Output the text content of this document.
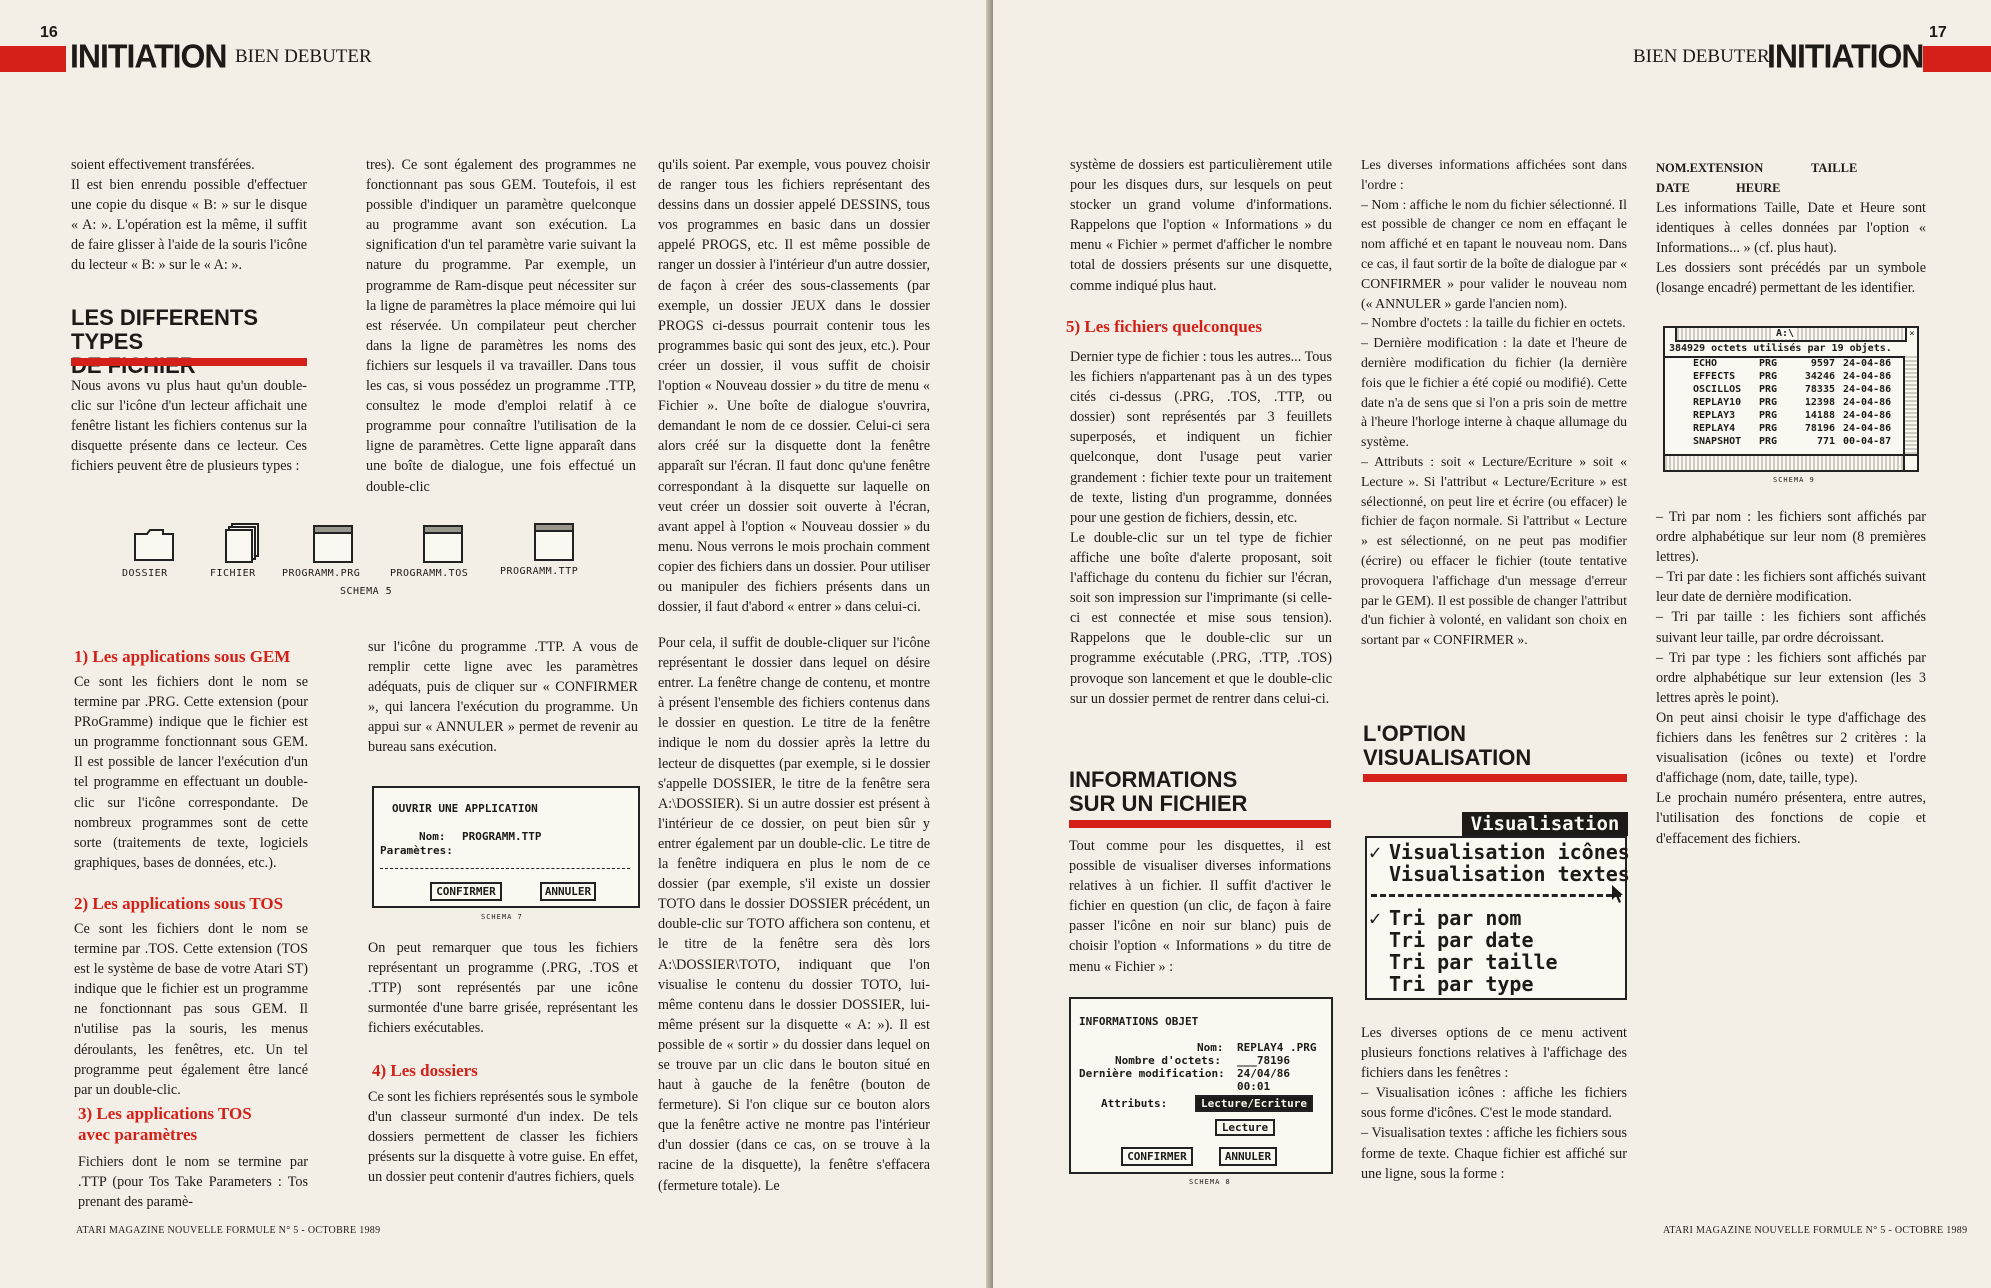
16
INITIATION BIEN DEBUTER
soient effectivement transférées.
Il est bien enrendu possible d'effectuer une copie du disque « B: » sur le disque « A: ». L'opération est la même, il suffit de faire glisser à l'aide de la souris l'icône du lecteur « B: » sur le « A: ».
LES DIFFERENTS TYPES

Nous avons vu plus haut qu'un double-clic sur l'icône d'un lecteur affichait une fenêtre listant les fichiers contenus sur la disquette présente dans ce lecteur. Ces fichiers peuvent être de plusieurs types :
tres). Ce sont également des programmes ne fonctionnant pas sous GEM. Toutefois, il est possible d'indiquer un paramètre quelconque au programme avant son exécution. La signification d'un tel paramètre varie suivant la nature du programme. Par exemple, un programme de Ram-disque peut nécessiter sur la ligne de paramètres la place mémoire qui lui est réservée. Un compilateur peut chercher dans la ligne de paramètres les noms des fichiers sur lesquels il va travailler. Dans tous les cas, si vous possédez un programme .TTP, consultez le mode d'emploi relatif à ce programme pour connaître l'utilisation de la ligne de paramètres. Cette ligne apparaît dans une boîte de dialogue, une fois effectué un double-clic
qu'ils soient. Par exemple, vous pouvez choisir de ranger tous les fichiers représentant des dessins dans un dossier appelé DESSINS, tous vos programmes en basic dans un dossier appelé PROGS, etc. Il est même possible de ranger un dossier à l'intérieur d'un autre dossier, de façon à créer des sous-classements (par exemple, un dossier JEUX dans le dossier PROGS ci-dessus pourrait contenir tous les programmes basic qui sont des jeux, etc.). Pour créer un dossier, il vous suffit de choisir l'option « Nouveau dossier » du titre de menu « Fichier ». Une boîte de dialogue s'ouvrira, demandant le nom de ce dossier. Celui-ci sera alors créé sur la disquette dont la fenêtre apparaît sur l'écran. Il faut donc qu'une fenêtre correspondant à la disquette sur laquelle on veut créer un dossier soit ouverte à l'écran, avant appel à l'option « Nouveau dossier » du menu. Nous verrons le mois prochain comment copier des fichiers dans un dossier. Pour utiliser ou manipuler des fichiers présents dans un dossier, il faut d'abord « entrer » dans celui-ci.
DOSSIER	FICHIER	PROGRAMM.PRG	PROGRAMM.TOS	PROGRAMM.TTP
SCHEMA 5
1) Les applications sous GEM
Ce sont les fichiers dont le nom se termine par .PRG. Cette extension (pour PRoGramme) indique que le fichier est un programme fonctionnant sous GEM. Il est possible de lancer l'exécution d'un tel programme en effectuant un double-clic sur l'icône correspondante. De nombreux programmes sont de cette sorte (traitements de texte, logiciels graphiques, bases de données, etc.).
2) Les applications sous TOS
Ce sont les fichiers dont le nom se termine par .TOS. Cette extension (TOS est le système de base de votre Atari ST) indique que le fichier est un programme ne fonctionnant pas sous GEM. Il n'utilise pas la souris, les menus déroulants, les fenêtres, etc. Un tel programme peut également être lancé par un double-clic.
3) Les applications TOS
avec paramètres
Fichiers dont le nom se termine par .TTP (pour Tos Take Parameters : Tos prenant des paramè-
sur l'icône du programme .TTP. A vous de remplir cette ligne avec les paramètres adéquats, puis de cliquer sur « CONFIRMER », qui lancera l'exécution du programme. Un appui sur « ANNULER » permet de revenir au bureau sans exécution.
OUVRIR UNE APPLICATION
Nom: PROGRAMM.TTP
Paramètres:
CONFIRMER	ANNULER
SCHEMA 7
On peut remarquer que tous les fichiers représentant un programme (.PRG, .TOS et .TTP) sont représentés par une icône surmontée d'une barre grisée, représentant les fichiers exécutables.
4) Les dossiers
Ce sont les fichiers représentés sous le symbole d'un classeur surmonté d'un index. De tels dossiers permettent de classer les fichiers présents sur la disquette à votre guise. En effet, un dossier peut contenir d'autres fichiers, quels
Pour cela, il suffit de double-cliquer sur l'icône représentant le dossier dans lequel on désire entrer. La fenêtre change de contenu, et montre à présent l'ensemble des fichiers contenus dans le dossier en question. Le titre de la fenêtre indique le nom du dossier après la lettre du lecteur de disquettes (par exemple, si le dossier s'appelle DOSSIER, le titre de la fenêtre sera A:\DOSSIER). Si un autre dossier est présent à l'intérieur de ce dossier, on peut bien sûr y entrer également par un double-clic. Le titre de la fenêtre indiquera en plus le nom de ce dossier (par exemple, s'il existe un dossier TOTO dans le dossier DOSSIER précédent, un double-clic sur TOTO affichera son contenu, et le titre de la fenêtre sera dès lors A:\DOSSIER\TOTO, indiquant que l'on visualise le contenu du dossier TOTO, lui-même contenu dans le dossier DOSSIER, lui-même présent sur la disquette « A: »). Il est possible de « sortir » du dossier dans lequel on se trouve par un clic dans le bouton situé en haut à gauche de la fenêtre (bouton de fermeture). Si l'on clique sur ce bouton alors que la fenêtre active ne montre pas l'intérieur d'un dossier (dans ce cas, on se trouve à la racine de la disquette), la fenêtre s'effacera (fermeture totale). Le
ATARI MAGAZINE NOUVELLE FORMULE N° 5 - OCTOBRE 1989
17
BIEN DEBUTER
INITIATION
système de dossiers est particulièrement utile pour les disques durs, sur lesquels on peut stocker un grand volume d'informations. Rappelons que l'option « Informations » du menu « Fichier » permet d'afficher le nombre total de dossiers présents sur une disquette, comme indiqué plus haut.
5) Les fichiers quelconques
Dernier type de fichier : tous les autres... Tous les fichiers n'appartenant pas à un des types cités ci-dessus (.PRG, .TOS, .TTP, ou dossier) sont représentés par 3 feuillets superposés, et indiquent un fichier quelconque, dont l'usage peut varier grandement : fichier texte pour un traitement de texte, listing d'un programme, données pour une gestion de fichiers, dessin, etc.
Le double-clic sur un tel type de fichier affiche une boîte d'alerte proposant, soit l'affichage du contenu du fichier sur l'écran, soit son impression sur l'imprimante (si celle-ci est connectée et mise sous tension). Rappelons que le double-clic sur un programme exécutable (.PRG, .TTP, .TOS) provoque son lancement et que le double-clic sur un dossier permet de rentrer dans celui-ci.
INFORMATIONS
SUR UN FICHIER
Tout comme pour les disquettes, il est possible de visualiser diverses informations relatives à un fichier. Il suffit d'activer le fichier en question (un clic, de façon à faire passer l'icône en noir sur blanc) puis de choisir l'option « Informations » du titre de menu « Fichier » :
INFORMATIONS OBJET
Nom: REPLAY4 .PRG
Nombre d'octets: ___78196
Dernière modification: 24/04/86
00:01
Attributs:	Lecture/Ecriture
Lecture
CONFIRMER	ANNULER
SCHEMA 8
Les diverses informations affichées sont dans l'ordre :
– Nom : affiche le nom du fichier sélectionné. Il est possible de changer ce nom en effaçant le nom affiché et en tapant le nouveau nom. Dans ce cas, il faut sortir de la boîte de dialogue par « CONFIRMER » pour valider le nouveau nom (« ANNULER » garde l'ancien nom).
– Nombre d'octets : la taille du fichier en octets.
– Dernière modification : la date et l'heure de dernière modification du fichier (la dernière fois que le fichier a été copié ou modifié). Cette date n'a de sens que si l'on a pris soin de mettre à l'heure l'horloge interne à chaque allumage du système.
– Attributs : soit « Lecture/Ecriture » soit « Lecture ». Si l'attribut « Lecture/Ecriture » est sélectionné, on peut lire et écrire (ou effacer) le fichier de façon normale. Si l'attribut « Lecture » est sélectionné, on ne peut pas modifier (écrire) ou effacer le fichier (toute tentative provoquera l'affichage d'un message d'erreur par le GEM). Il est possible de changer l'attribut d'un fichier à volonté, en validant son choix en sortant par « CONFIRMER ».
L'OPTION
VISUALISATION
Visualisation
✓ Visualisation icônes
Visualisation textes
✓ Tri par nom
Tri par date
Tri par taille
Tri par type
Les diverses options de ce menu activent plusieurs fonctions relatives à l'affichage des fichiers dans les fenêtres :
– Visualisation icônes : affiche les fichiers sous forme d'icônes. C'est le mode standard.
– Visualisation textes : affiche les fichiers sous forme de texte. Chaque fichier est affiché sur une ligne, sous la forme :
NOM.EXTENSION	TAILLE
DATE	HEURE
Les informations Taille, Date et Heure sont identiques à celles données par l'option « Informations... » (cf. plus haut).
Les dossiers sont précédés par un symbole (losange encadré) permettant de les identifier.
A:\	×
384929 octets utilisés par 19 objets.
ECHO	PRG	9597 24-04-86
EFFECTS PRG	34246 24-04-86
OSCILLOS PRG	78335 24-04-86
REPLAY10 PRG	12398 24-04-86
REPLAY3 PRG	14188 24-04-86
REPLAY4 PRG	78196 24-04-86
SNAPSHOT PRG	771 00-04-87
SCHEMA 9
– Tri par nom : les fichiers sont affichés par ordre alphabétique sur leur nom (8 premières lettres).
– Tri par date : les fichiers sont affichés suivant leur date de dernière modification.
– Tri par taille : les fichiers sont affichés suivant leur taille, par ordre décroissant.
– Tri par type : les fichiers sont affichés par ordre alphabétique sur leur extension (les 3 lettres après le point).
On peut ainsi choisir le type d'affichage des fichiers dans les fenêtres sur 2 critères : la visualisation (icônes ou texte) et l'ordre d'affichage (nom, date, taille, type).
Le prochain numéro présentera, entre autres, l'utilisation des fonctions de copie et d'effacement des fichiers.
ATARI MAGAZINE NOUVELLE FORMULE N° 5 - OCTOBRE 1989
